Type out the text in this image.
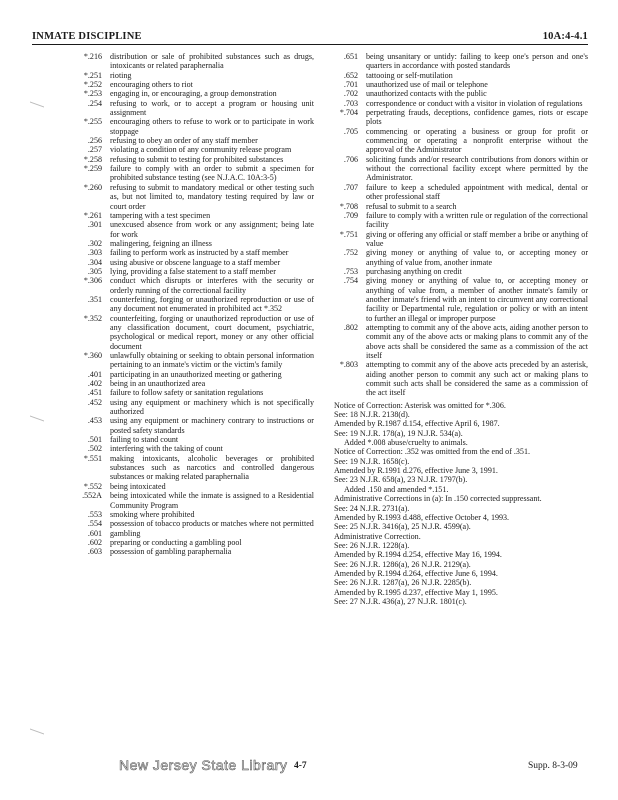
INMATE DISCIPLINE	10A:4-4.1
*.216 distribution or sale of prohibited substances such as drugs, intoxicants or related paraphernalia
*.251 rioting
*.252 encouraging others to riot
*.253 engaging in, or encouraging, a group demonstration
.254 refusing to work, or to accept a program or housing unit assignment
*.255 encouraging others to refuse to work or to participate in work stoppage
.256 refusing to obey an order of any staff member
.257 violating a condition of any community release program
*.258 refusing to submit to testing for prohibited substances
*.259 failure to comply with an order to submit a specimen for prohibited substance testing (see N.J.A.C. 10A:3-5)
*.260 refusing to submit to mandatory medical or other testing such as, but not limited to, mandatory testing required by law or court order
*.261 tampering with a test specimen
.301 unexcused absence from work or any assignment; being late for work
.302 malingering, feigning an illness
.303 failing to perform work as instructed by a staff member
.304 using abusive or obscene language to a staff member
.305 lying, providing a false statement to a staff member
*.306 conduct which disrupts or interferes with the security or orderly running of the correctional facility
.351 counterfeiting, forging or unauthorized reproduction or use of any document not enumerated in prohibited act *.352
*.352 counterfeiting, forging or unauthorized reproduction or use of any classification document, court document, psychiatric, psychological or medical report, money or any other official document
*.360 unlawfully obtaining or seeking to obtain personal information pertaining to an inmate's victim or the victim's family
.401 participating in an unauthorized meeting or gathering
.402 being in an unauthorized area
.451 failure to follow safety or sanitation regulations
.452 using any equipment or machinery which is not specifically authorized
.453 using any equipment or machinery contrary to instructions or posted safety standards
.501 failing to stand count
.502 interfering with the taking of count
*.551 making intoxicants, alcoholic beverages or prohibited substances such as narcotics and controlled dangerous substances or making related paraphernalia
*.552 being intoxicated
.552A being intoxicated while the inmate is assigned to a Residential Community Program
.553 smoking where prohibited
.554 possession of tobacco products or matches where not permitted
.601 gambling
.602 preparing or conducting a gambling pool
.603 possession of gambling paraphernalia
.651 being unsanitary or untidy: failing to keep one's person and one's quarters in accordance with posted standards
.652 tattooing or self-mutilation
.701 unauthorized use of mail or telephone
.702 unauthorized contacts with the public
.703 correspondence or conduct with a visitor in violation of regulations
*.704 perpetrating frauds, deceptions, confidence games, riots or escape plots
.705 commencing or operating a business or group for profit or commencing or operating a nonprofit enterprise without the approval of the Administrator
.706 soliciting funds and/or research contributions from donors within or without the correctional facility except where permitted by the Administrator.
.707 failure to keep a scheduled appointment with medical, dental or other professional staff
*.708 refusal to submit to a search
.709 failure to comply with a written rule or regulation of the correctional facility
*.751 giving or offering any official or staff member a bribe or anything of value
.752 giving money or anything of value to, or accepting money or anything of value from, another inmate
.753 purchasing anything on credit
.754 giving money or anything of value to, or accepting money or anything of value from, a member of another inmate's family or another inmate's friend with an intent to circumvent any correctional facility or Departmental rule, regulation or policy or with an intent to further an illegal or improper purpose
.802 attempting to commit any of the above acts, aiding another person to commit any of the above acts or making plans to commit any of the above acts shall be considered the same as a commission of the act itself
*.803 attempting to commit any of the above acts preceded by an asterisk, aiding another person to commit any such act or making plans to commit such acts shall be considered the same as a commission of the act itself

Notice of Correction: Asterisk was omitted for *.306.

See: 18 N.J.R. 2138(d).

Amended by R.1987 d.154, effective April 6, 1987.

See: 19 N.J.R. 178(a), 19 N.J.R. 534(a).

Added *.008 abuse/cruelty to animals.

Notice of Correction: .352 was omitted from the end of .351.

See: 19 N.J.R. 1658(c).

Amended by R.1991 d.276, effective June 3, 1991.

See: 23 N.J.R. 658(a), 23 N.J.R. 1797(b).

Added .150 and amended *.151.

Administrative Corrections in (a): In .150 corrected suppressant.

See: 24 N.J.R. 2731(a).

Amended by R.1993 d.488, effective October 4, 1993.

See: 25 N.J.R. 3416(a), 25 N.J.R. 4599(a).

Administrative Correction.

See: 26 N.J.R. 1228(a).

Amended by R.1994 d.254, effective May 16, 1994.

See: 26 N.J.R. 1286(a), 26 N.J.R. 2129(a).

Amended by R.1994 d.264, effective June 6, 1994.

See: 26 N.J.R. 1287(a), 26 N.J.R. 2285(b).

Amended by R.1995 d.237, effective May 1, 1995.

See: 27 N.J.R. 436(a), 27 N.J.R. 1801(c).

New Jersey State Library 4-7	Supp. 8-3-09
